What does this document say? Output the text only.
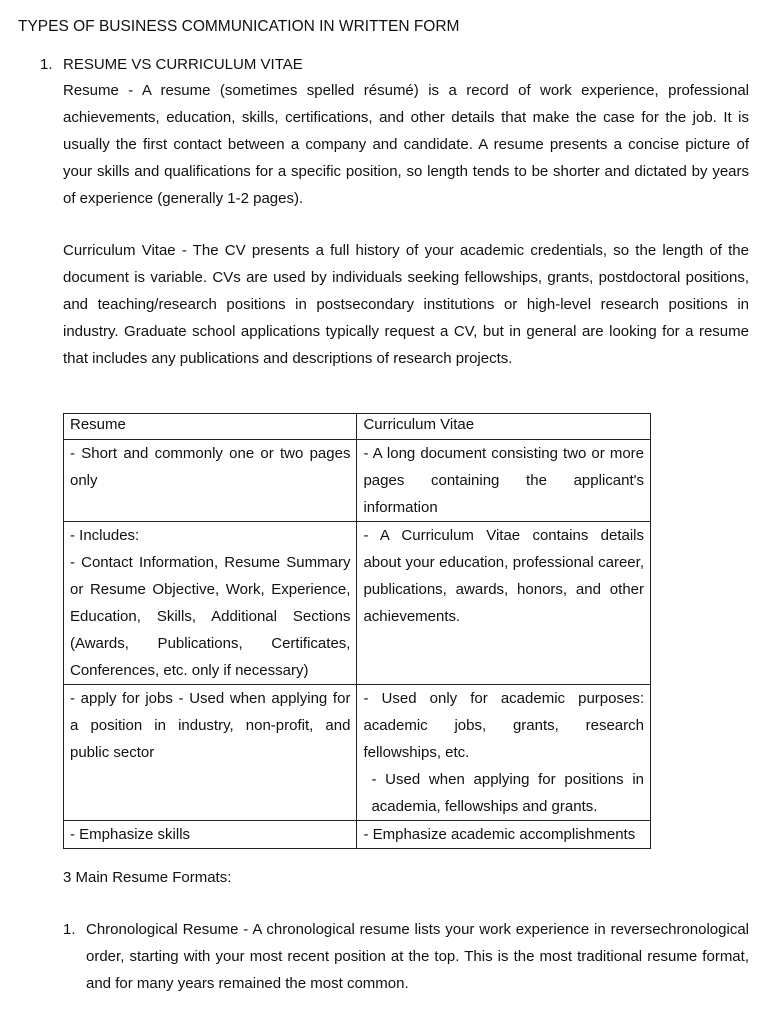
TYPES OF BUSINESS COMMUNICATION IN WRITTEN FORM
1. RESUME VS CURRICULUM VITAE

Resume - A resume (sometimes spelled résumé) is a record of work experience, professional achievements, education, skills, certifications, and other details that make the case for the job. It is usually the first contact between a company and candidate. A resume presents a concise picture of your skills and qualifications for a specific position, so length tends to be shorter and dictated by years of experience (generally 1-2 pages).

Curriculum Vitae - The CV presents a full history of your academic credentials, so the length of the document is variable. CVs are used by individuals seeking fellowships, grants, postdoctoral positions, and teaching/research positions in postsecondary institutions or high-level research positions in industry. Graduate school applications typically request a CV, but in general are looking for a resume that includes any publications and descriptions of research projects.

Resume	Curriculum Vitae

- Short and commonly one or two pages only	- A long document consisting two or more pages containing the applicant's information

- Includes:
- Contact Information, Resume Summary or Resume Objective, Work, Experience, Education, Skills, Additional Sections (Awards, Publications, Certificates, Conferences, etc. only if necessary)	- A Curriculum Vitae contains details about your education, professional career, publications, awards, honors, and other achievements.

- apply for jobs - Used when applying for a position in industry, non-profit, and public sector	- Used only for academic purposes: academic jobs, grants, research fellowships, etc.
- Used when applying for positions in academia, fellowships and grants.

- Emphasize skills	- Emphasize academic accomplishments

3 Main Resume Formats:

1. Chronological Resume - A chronological resume lists your work experience in reversechronological order, starting with your most recent position at the top. This is the most traditional resume format, and for many years remained the most common.
